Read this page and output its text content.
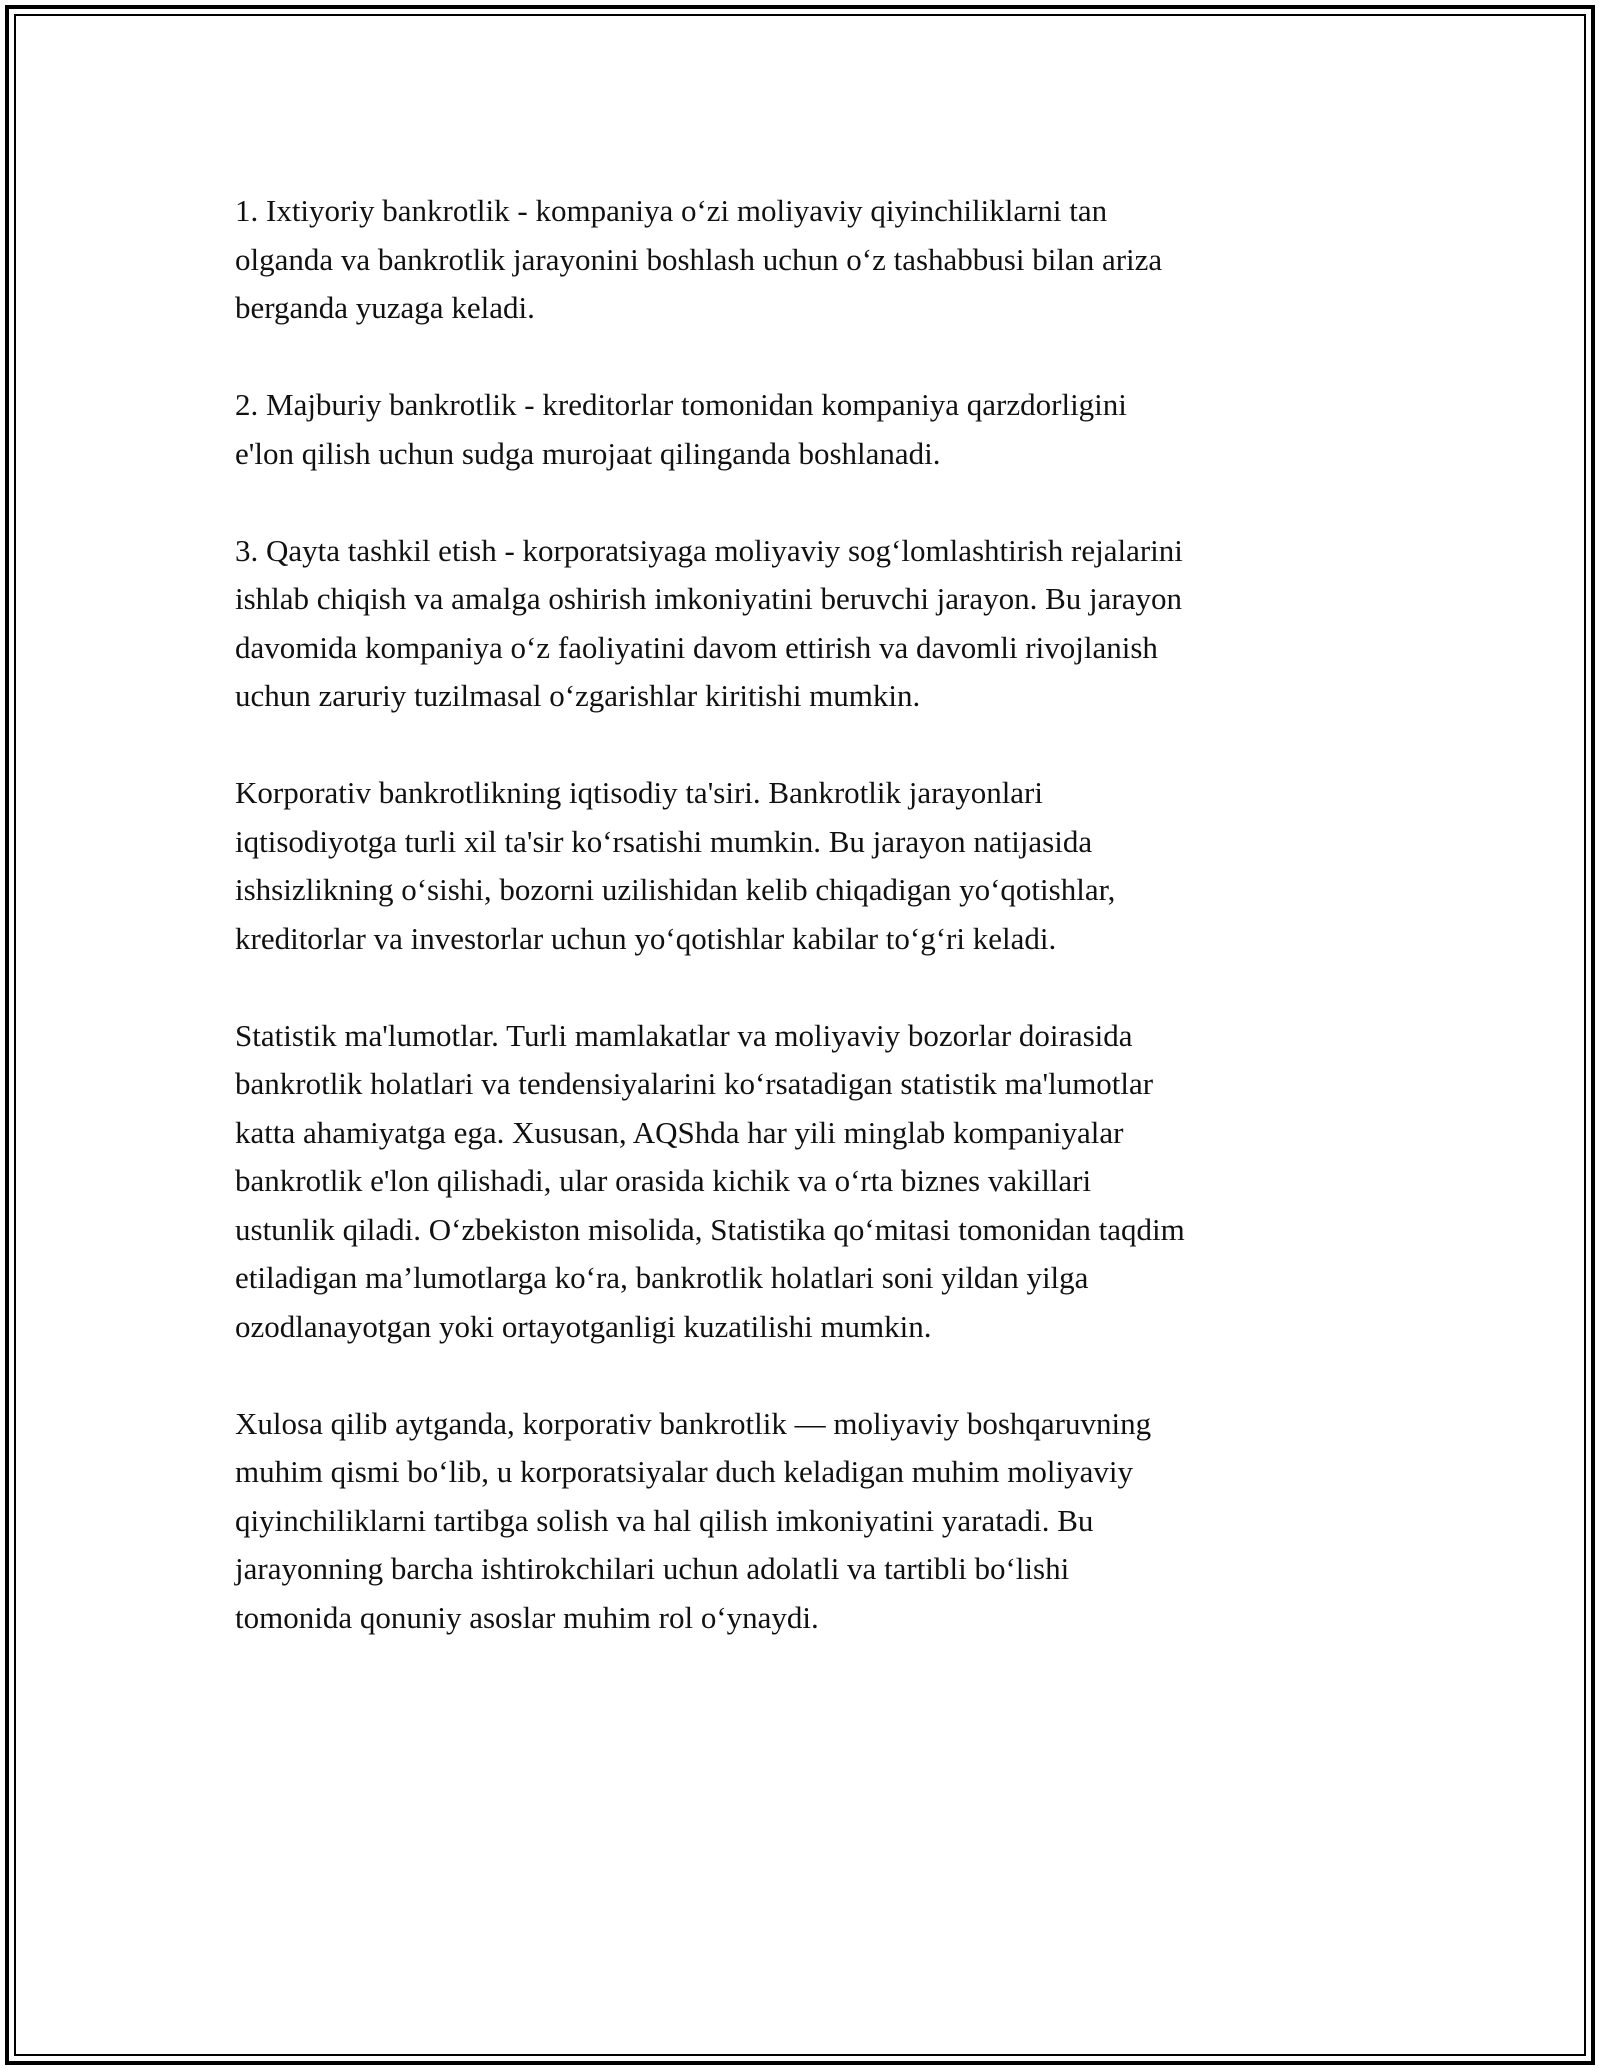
1. Ixtiyoriy bankrotlik - kompaniya o‘zi moliyaviy qiyinchiliklarni tan
olganda va bankrotlik jarayonini boshlash uchun o‘z tashabbusi bilan ariza
berganda yuzaga keladi.

2. Majburiy bankrotlik - kreditorlar tomonidan kompaniya qarzdorligini
e'lon qilish uchun sudga murojaat qilinganda boshlanadi.

3. Qayta tashkil etish - korporatsiyaga moliyaviy sog‘lomlashtirish rejalarini
ishlab chiqish va amalga oshirish imkoniyatini beruvchi jarayon. Bu jarayon
davomida kompaniya o‘z faoliyatini davom ettirish va davomli rivojlanish
uchun zaruriy tuzilmasal o‘zgarishlar kiritishi mumkin.

Korporativ bankrotlikning iqtisodiy ta'siri. Bankrotlik jarayonlari
iqtisodiyotga turli xil ta'sir ko‘rsatishi mumkin. Bu jarayon natijasida
ishsizlikning o‘sishi, bozorni uzilishidan kelib chiqadigan yo‘qotishlar,
kreditorlar va investorlar uchun yo‘qotishlar kabilar to‘g‘ri keladi.

Statistik ma'lumotlar. Turli mamlakatlar va moliyaviy bozorlar doirasida
bankrotlik holatlari va tendensiyalarini ko‘rsatadigan statistik ma'lumotlar
katta ahamiyatga ega. Xususan, AQShda har yili minglab kompaniyalar
bankrotlik e'lon qilishadi, ular orasida kichik va o‘rta biznes vakillari
ustunlik qiladi. O‘zbekiston misolida, Statistika qo‘mitasi tomonidan taqdim
etiladigan ma’lumotlarga ko‘ra, bankrotlik holatlari soni yildan yilga
ozodlanayotgan yoki ortayotganligi kuzatilishi mumkin.

Xulosa qilib aytganda, korporativ bankrotlik — moliyaviy boshqaruvning
muhim qismi bo‘lib, u korporatsiyalar duch keladigan muhim moliyaviy
qiyinchiliklarni tartibga solish va hal qilish imkoniyatini yaratadi. Bu
jarayonning barcha ishtirokchilari uchun adolatli va tartibli bo‘lishi
tomonida qonuniy asoslar muhim rol o‘ynaydi.
